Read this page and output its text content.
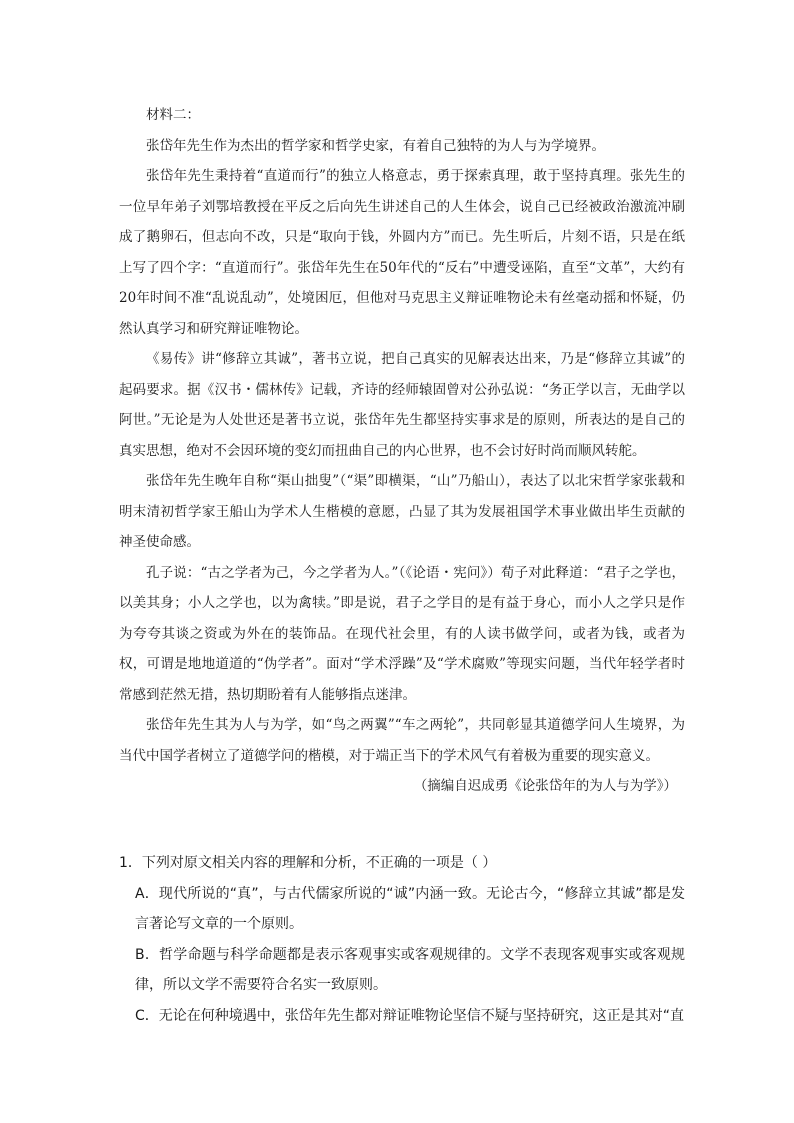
材料二：

张岱年先生作为杰出的哲学家和哲学史家，有着自己独特的为人与为学境界。

张岱年先生秉持着“直道而行”的独立人格意志，勇于探索真理，敢于坚持真理。张先生的一位早年弟子刘鄂培教授在平反之后向先生讲述自己的人生体会，说自己已经被政治激流冲刷成了鹅卵石，但志向不改，只是“取向于钱，外圆内方”而已。先生听后，片刻不语，只是在纸上写了四个字：“直道而行”。张岱年先生在50年代的“反右”中遭受诬陷，直至“文革”，大约有20年时间不准“乱说乱动”，处境困厄，但他对马克思主义辩证唯物论未有丝毫动摇和怀疑，仍然认真学习和研究辩证唯物论。

《易传》讲“修辞立其诚”，著书立说，把自己真实的见解表达出来，乃是“修辞立其诚”的起码要求。据《汉书・儒林传》记载，齐诗的经师辕固曾对公孙弘说：“务正学以言，无曲学以阿世。”无论是为人处世还是著书立说，张岱年先生都坚持实事求是的原则，所表达的是自己的真实思想，绝对不会因环境的变幻而扭曲自己的内心世界，也不会讨好时尚而顺风转舵。

张岱年先生晚年自称“渠山拙叟”（“渠”即横渠，“山”乃船山），表达了以北宋哲学家张载和明末清初哲学家王船山为学术人生楷模的意愿，凸显了其为发展祖国学术事业做出毕生贡献的神圣使命感。

孔子说：“古之学者为己，今之学者为人。”（《论语・宪问》）荀子对此释道：“君子之学也，以美其身；小人之学也，以为禽犊。”即是说，君子之学目的是有益于身心，而小人之学只是作为夸夸其谈之资或为外在的装饰品。在现代社会里，有的人读书做学问，或者为钱，或者为权，可谓是地地道道的“伪学者”。面对“学术浮躁”及“学术腐败”等现实问题，当代年轻学者时常感到茫然无措，热切期盼着有人能够指点迷津。

张岱年先生其为人与为学，如“鸟之两翼”“车之两轮”，共同彰显其道德学问人生境界，为当代中国学者树立了道德学问的楷模，对于端正当下的学术风气有着极为重要的现实意义。

（摘编自迟成勇《论张岱年的为人与为学》）

1．下列对原文相关内容的理解和分析，不正确的一项是（ ）

A．现代所说的“真”，与古代儒家所说的“诚”内涵一致。无论古今，“修辞立其诚”都是发言著论写文章的一个原则。

B．哲学命题与科学命题都是表示客观事实或客观规律的。文学不表现客观事实或客观规律，所以文学不需要符合名实一致原则。

C．无论在何种境遇中，张岱年先生都对辩证唯物论坚信不疑与坚持研究，这正是其对“直
